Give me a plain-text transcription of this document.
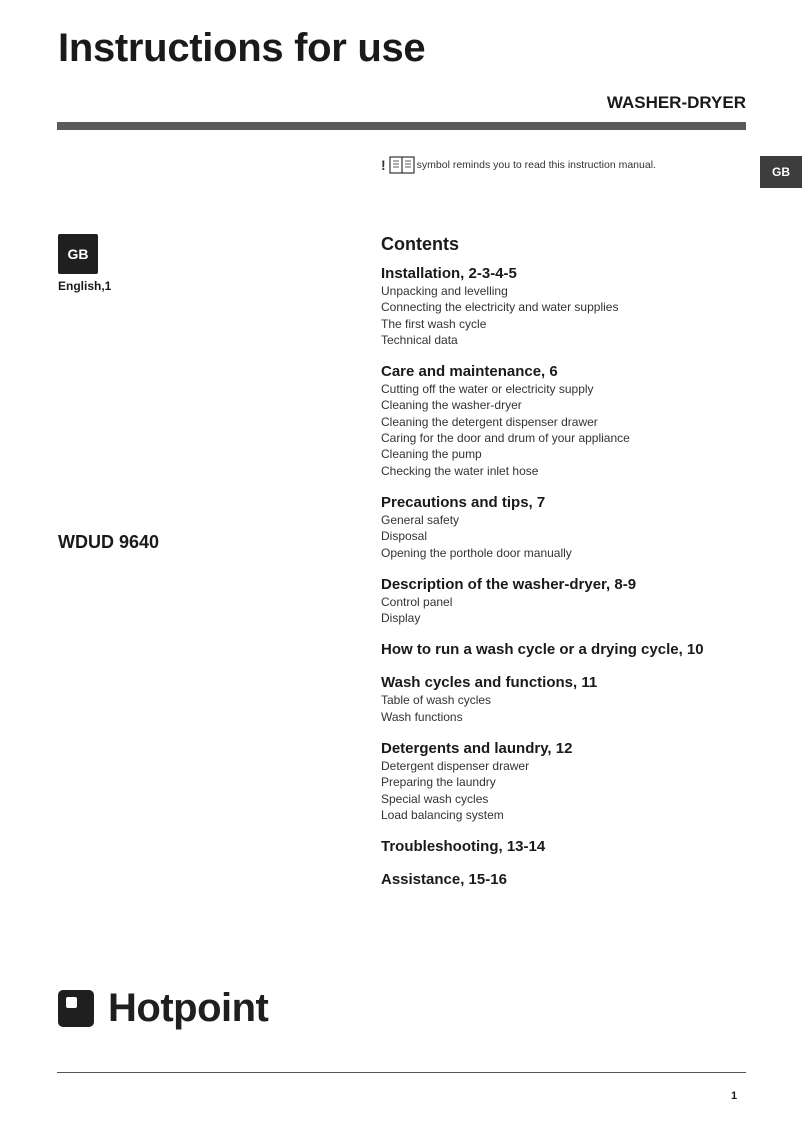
Instructions for use
WASHER-DRYER
GB
!	symbol reminds you to read this instruction manual.
GB
English,1
WDUD 9640
Contents
Installation, 2-3-4-5
Unpacking and levelling
Connecting the electricity and water supplies
The first wash cycle
Technical data
Care and maintenance, 6
Cutting off the water or electricity supply
Cleaning the washer-dryer
Cleaning the detergent dispenser drawer
Caring for the door and drum of your appliance
Cleaning the pump
Checking the water inlet hose
Precautions and tips, 7
General safety
Disposal
Opening the porthole door manually
Description of the washer-dryer, 8-9
Control panel
Display
How to run a wash cycle or a drying cycle, 10
Wash cycles and functions, 11
Table of wash cycles
Wash functions
Detergents and laundry, 12
Detergent dispenser drawer
Preparing the laundry
Special wash cycles
Load balancing system
Troubleshooting, 13-14
Assistance, 15-16
Hotpoint
1
